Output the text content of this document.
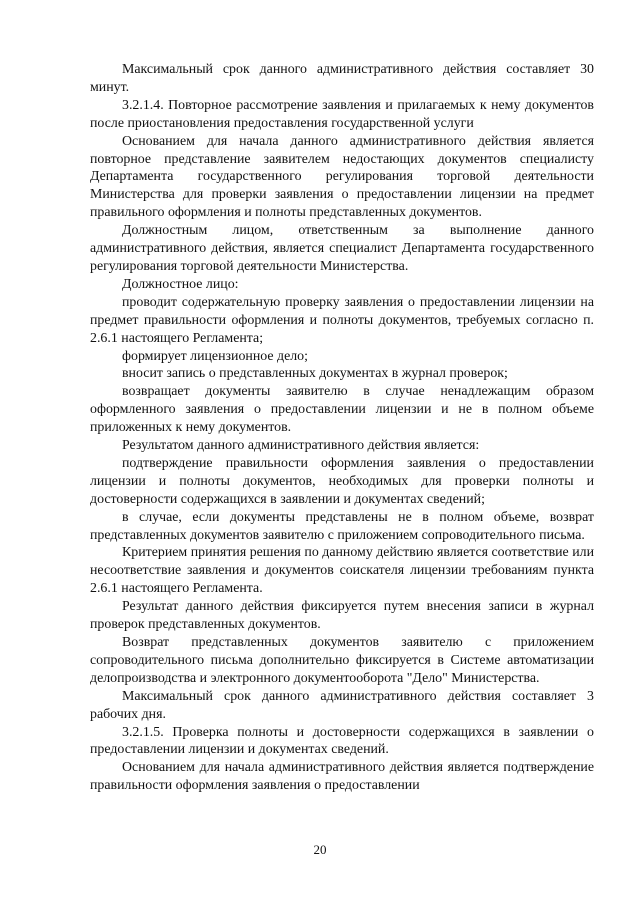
Максимальный срок данного административного действия составляет 30 минут.

3.2.1.4. Повторное рассмотрение заявления и прилагаемых к нему документов после приостановления предоставления государственной услуги

Основанием для начала данного административного действия является повторное представление заявителем недостающих документов специалисту Департамента государственного регулирования торговой деятельности Министерства для проверки заявления о предоставлении лицензии на предмет правильного оформления и полноты представленных документов.

Должностным лицом, ответственным за выполнение данного административного действия, является специалист Департамента государственного регулирования торговой деятельности Министерства.

Должностное лицо:

проводит содержательную проверку заявления о предоставлении лицензии на предмет правильности оформления и полноты документов, требуемых согласно п. 2.6.1 настоящего Регламента;

формирует лицензионное дело;

вносит запись о представленных документах в журнал проверок;

возвращает документы заявителю в случае ненадлежащим образом оформленного заявления о предоставлении лицензии и не в полном объеме приложенных к нему документов.

Результатом данного административного действия является:

подтверждение правильности оформления заявления о предоставлении лицензии и полноты документов, необходимых для проверки полноты и достоверности содержащихся в заявлении и документах сведений;

в случае, если документы представлены не в полном объеме, возврат представленных документов заявителю с приложением сопроводительного письма.

Критерием принятия решения по данному действию является соответствие или несоответствие заявления и документов соискателя лицензии требованиям пункта 2.6.1 настоящего Регламента.

Результат данного действия фиксируется путем внесения записи в журнал проверок представленных документов.

Возврат представленных документов заявителю с приложением сопроводительного письма дополнительно фиксируется в Системе автоматизации делопроизводства и электронного документооборота "Дело" Министерства.

Максимальный срок данного административного действия составляет 3 рабочих дня.

3.2.1.5. Проверка полноты и достоверности содержащихся в заявлении о предоставлении лицензии и документах сведений.

Основанием для начала административного действия является подтверждение правильности оформления заявления о предоставлении

20
